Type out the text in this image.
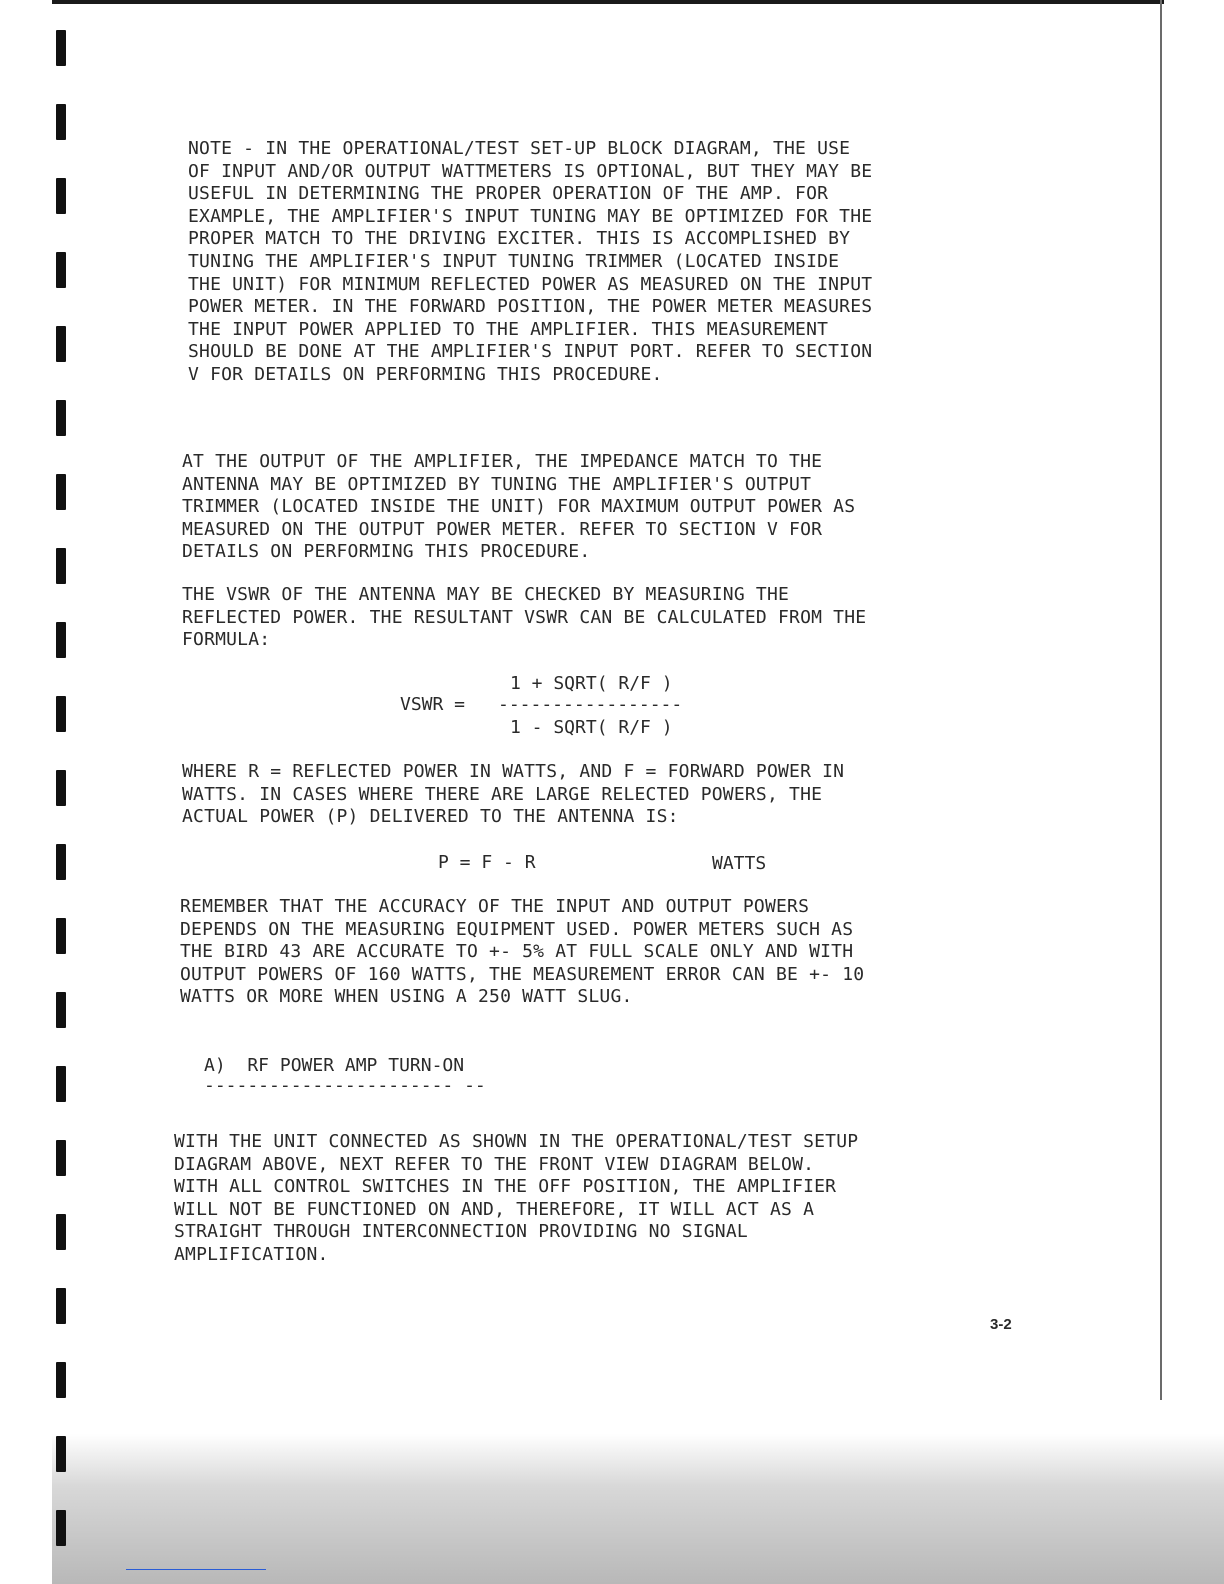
NOTE - IN THE OPERATIONAL/TEST SET-UP BLOCK DIAGRAM, THE USE
OF INPUT AND/OR OUTPUT WATTMETERS IS OPTIONAL, BUT THEY MAY BE
USEFUL IN DETERMINING THE PROPER OPERATION OF THE AMP. FOR
EXAMPLE, THE AMPLIFIER'S INPUT TUNING MAY BE OPTIMIZED FOR THE
PROPER MATCH TO THE DRIVING EXCITER. THIS IS ACCOMPLISHED BY
TUNING THE AMPLIFIER'S INPUT TUNING TRIMMER (LOCATED INSIDE
THE UNIT) FOR MINIMUM REFLECTED POWER AS MEASURED ON THE INPUT
POWER METER. IN THE FORWARD POSITION, THE POWER METER MEASURES
THE INPUT POWER APPLIED TO THE AMPLIFIER. THIS MEASUREMENT
SHOULD BE DONE AT THE AMPLIFIER'S INPUT PORT. REFER TO SECTION
V FOR DETAILS ON PERFORMING THIS PROCEDURE.
AT THE OUTPUT OF THE AMPLIFIER, THE IMPEDANCE MATCH TO THE
ANTENNA MAY BE OPTIMIZED BY TUNING THE AMPLIFIER'S OUTPUT
TRIMMER (LOCATED INSIDE THE UNIT) FOR MAXIMUM OUTPUT POWER AS
MEASURED ON THE OUTPUT POWER METER. REFER TO SECTION V FOR
DETAILS ON PERFORMING THIS PROCEDURE.
THE VSWR OF THE ANTENNA MAY BE CHECKED BY MEASURING THE
REFLECTED POWER. THE RESULTANT VSWR CAN BE CALCULATED FROM THE
FORMULA:
1 + SQRT( R/F )
VSWR = -----------------
1 - SQRT( R/F )
WHERE R = REFLECTED POWER IN WATTS, AND F = FORWARD POWER IN
WATTS. IN CASES WHERE THERE ARE LARGE RELECTED POWERS, THE
ACTUAL POWER (P) DELIVERED TO THE ANTENNA IS:
P = F - R	WATTS
REMEMBER THAT THE ACCURACY OF THE INPUT AND OUTPUT POWERS
DEPENDS ON THE MEASURING EQUIPMENT USED. POWER METERS SUCH AS
THE BIRD 43 ARE ACCURATE TO +- 5% AT FULL SCALE ONLY AND WITH
OUTPUT POWERS OF 160 WATTS, THE MEASUREMENT ERROR CAN BE +- 10
WATTS OR MORE WHEN USING A 250 WATT SLUG.
A)  RF POWER AMP TURN-ON
----------------------- --
WITH THE UNIT CONNECTED AS SHOWN IN THE OPERATIONAL/TEST SETUP
DIAGRAM ABOVE, NEXT REFER TO THE FRONT VIEW DIAGRAM BELOW.
WITH ALL CONTROL SWITCHES IN THE OFF POSITION, THE AMPLIFIER
WILL NOT BE FUNCTIONED ON AND, THEREFORE, IT WILL ACT AS A
STRAIGHT THROUGH INTERCONNECTION PROVIDING NO SIGNAL
AMPLIFICATION.
3-2
